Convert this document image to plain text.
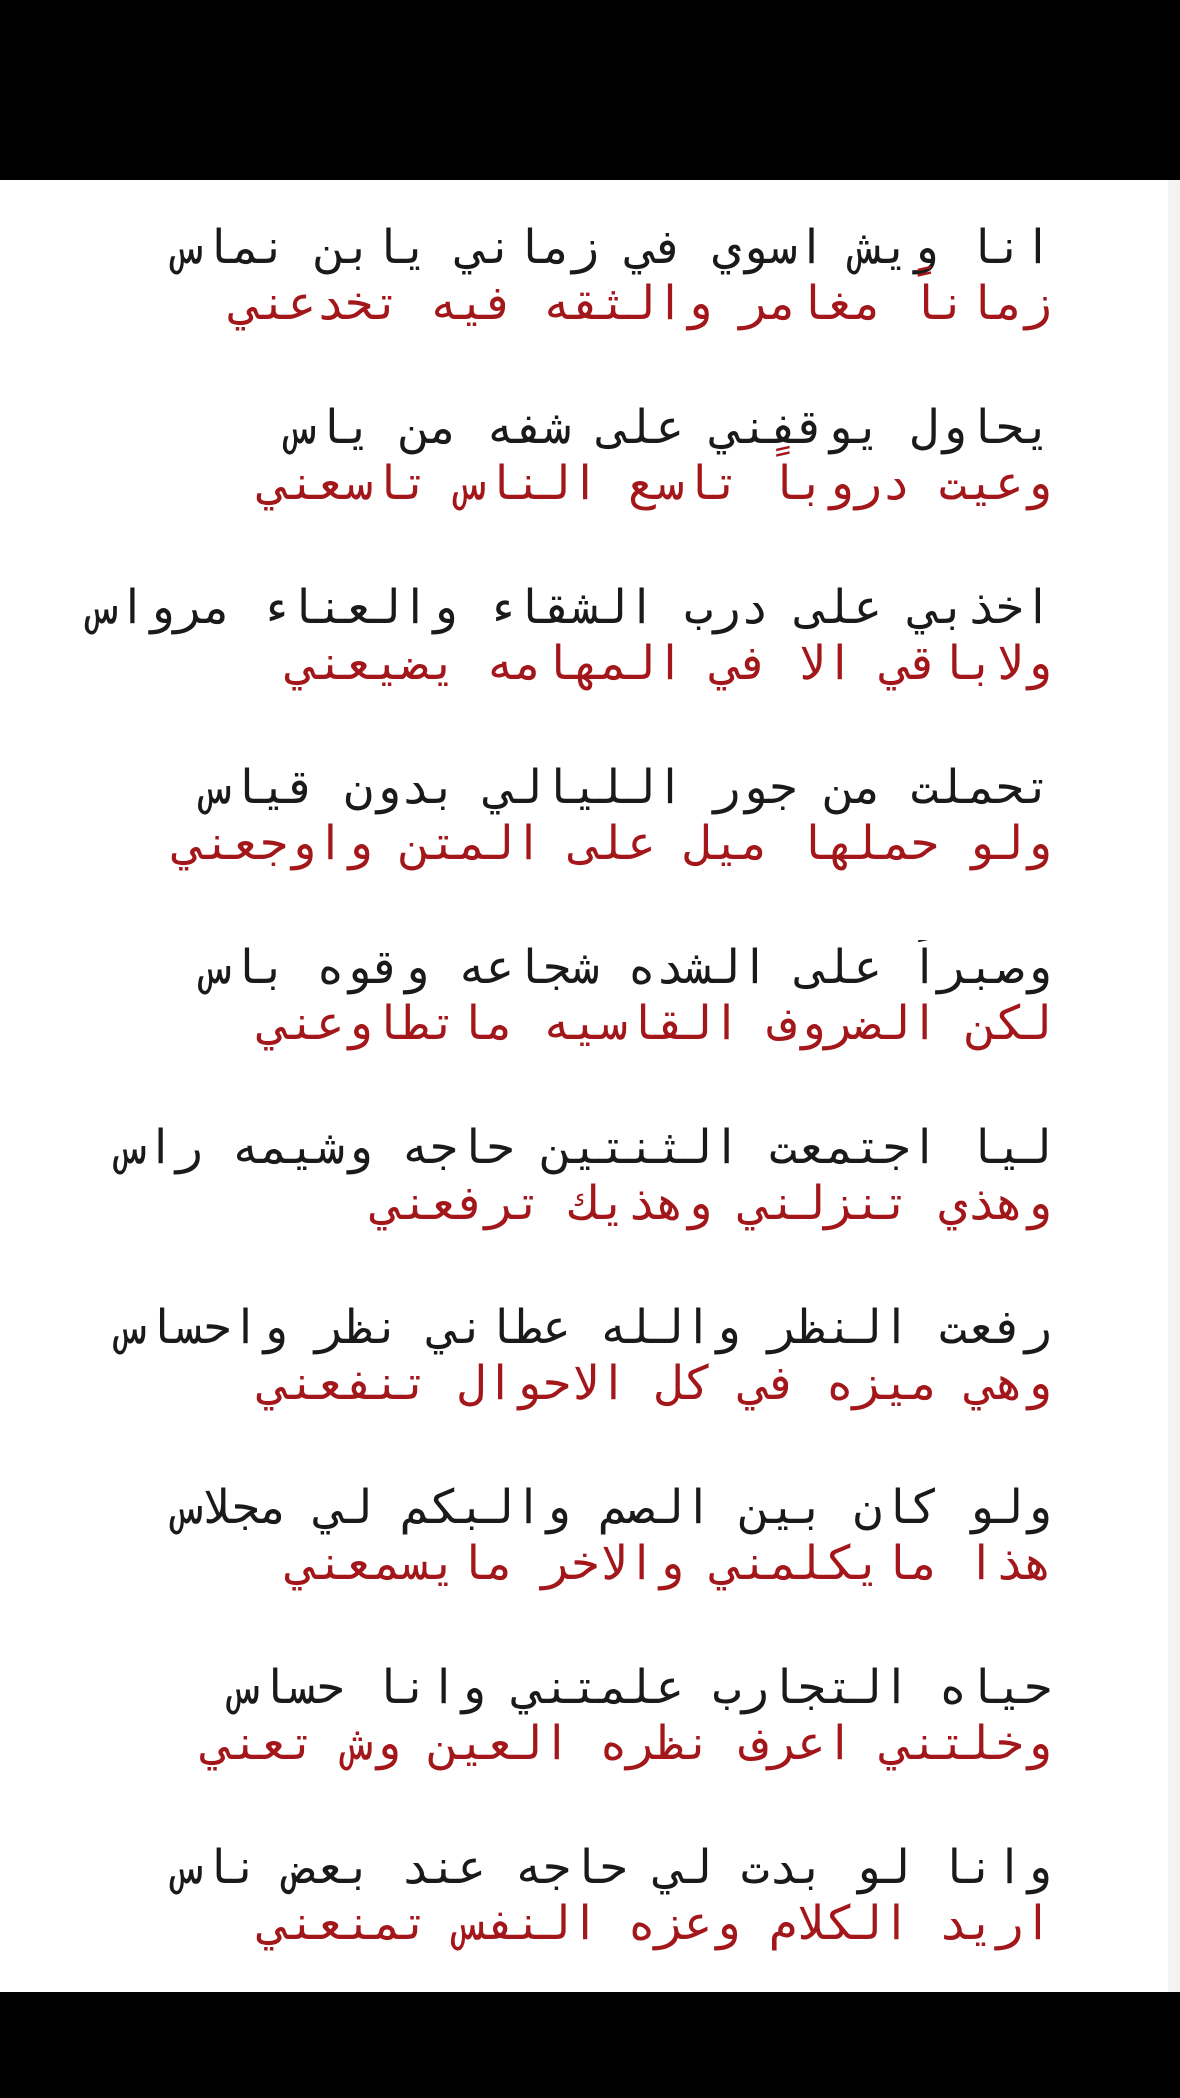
انا ويش اسوي في زماني يابن نماس
زماناً مغامر والثقه فيه تخدعني
يحاول يوقفني على شفه من ياس
وعيت دروباً تاسع الناس تاسعني
اخذبي على درب الشقاء والعناء مرواس
ولاباقي الا في المهامه يضيعني
تحملت من جور الليالي بدون قياس
ولو حملها ميل على المتن واوجعني
وصبراً على الشده شجاعه وقوه باس
لكن الضروف القاسيه ماتطاوعني
ليا اجتمعت الثنتين حاجه وشيمه راس
وهذي تنزلني وهذيك ترفعني
رفعت النظر والله عطاني نظر واحساس
وهي ميزه في كل الاحوال تنفعني
ولو كان بين الصم والبكم لي مجلاس
هذا مايكلمني والاخر مايسمعني
حياه التجارب علمتني وانا حساس
وخلتني اعرف نظره العين وش تعني
وانا لو بدت لي حاجه عند بعض ناس
اريد الكلام وعزه النفس تمنعني
